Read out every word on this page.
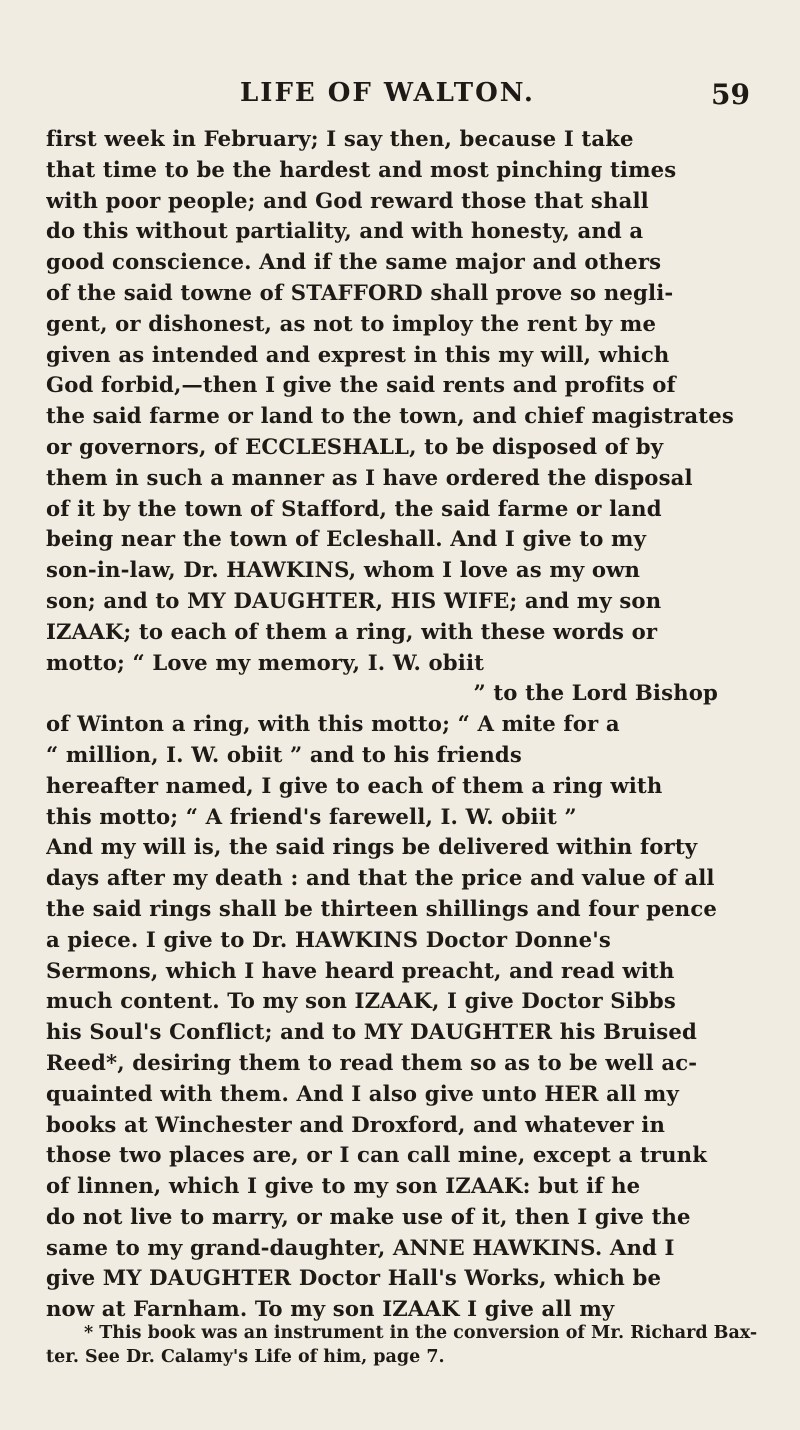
LIFE OF WALTON.	59
first week in February; I say then, because I take
that time to be the hardest and most pinching times
with poor people; and God reward those that shall
do this without partiality, and with honesty, and a
good conscience. And if the same major and others
of the said towne of STAFFORD shall prove so negli-
gent, or dishonest, as not to imploy the rent by me
given as intended and exprest in this my will, which
God forbid,—then I give the said rents and profits of
the said farme or land to the town, and chief magistrates
or governors, of ECCLESHALL, to be disposed of by
them in such a manner as I have ordered the disposal
of it by the town of Stafford, the said farme or land
being near the town of Ecleshall. And I give to my
son-in-law, Dr. HAWKINS, whom I love as my own
son; and to MY DAUGHTER, HIS WIFE; and my son
IZAAK; to each of them a ring, with these words or
motto; “ Love my memory, I. W. obiit
” to the Lord Bishop
of Winton a ring, with this motto; “ A mite for a
“ million, I. W. obiit ” and to his friends
hereafter named, I give to each of them a ring with
this motto; “ A friend's farewell, I. W. obiit ”
And my will is, the said rings be delivered within forty
days after my death : and that the price and value of all
the said rings shall be thirteen shillings and four pence
a piece. I give to Dr. HAWKINS Doctor Donne's
Sermons, which I have heard preacht, and read with
much content. To my son IZAAK, I give Doctor Sibbs
his Soul's Conflict; and to MY DAUGHTER his Bruised
Reed*, desiring them to read them so as to be well ac-
quainted with them. And I also give unto HER all my
books at Winchester and Droxford, and whatever in
those two places are, or I can call mine, except a trunk
of linnen, which I give to my son IZAAK: but if he
do not live to marry, or make use of it, then I give the
same to my grand-daughter, ANNE HAWKINS. And I
give MY DAUGHTER Doctor Hall's Works, which be
now at Farnham. To my son IZAAK I give all my
* This book was an instrument in the conversion of Mr. Richard Bax-
ter. See Dr. Calamy's Life of him, page 7.
